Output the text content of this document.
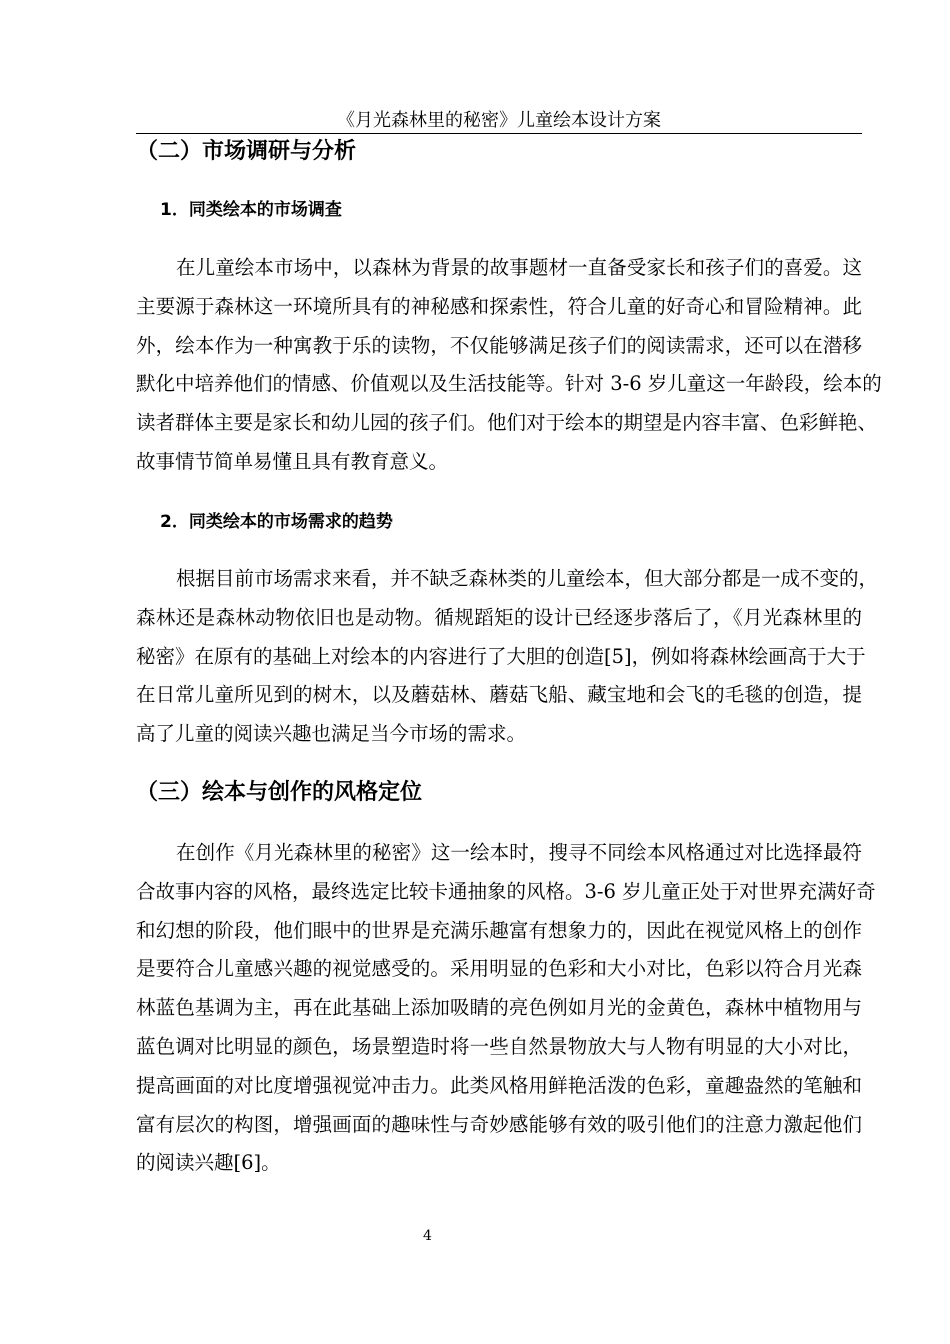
《月光森林里的秘密》儿童绘本设计方案
（二）市场调研与分析
1．同类绘本的市场调查
在儿童绘本市场中，以森林为背景的故事题材一直备受家长和孩子们的喜爱。这
主要源于森林这一环境所具有的神秘感和探索性，符合儿童的好奇心和冒险精神。此
外，绘本作为一种寓教于乐的读物，不仅能够满足孩子们的阅读需求，还可以在潜移
默化中培养他们的情感、价值观以及生活技能等。针对 3-6 岁儿童这一年龄段，绘本的
读者群体主要是家长和幼儿园的孩子们。他们对于绘本的期望是内容丰富、色彩鲜艳、
故事情节简单易懂且具有教育意义。
2．同类绘本的市场需求的趋势
根据目前市场需求来看，并不缺乏森林类的儿童绘本，但大部分都是一成不变的，
森林还是森林动物依旧也是动物。循规蹈矩的设计已经逐步落后了，《月光森林里的
秘密》在原有的基础上对绘本的内容进行了大胆的创造[5]，例如将森林绘画高于大于
在日常儿童所见到的树木，以及蘑菇林、蘑菇飞船、藏宝地和会飞的毛毯的创造，提
高了儿童的阅读兴趣也满足当今市场的需求。
（三）绘本与创作的风格定位
在创作《月光森林里的秘密》这一绘本时，搜寻不同绘本风格通过对比选择最符
合故事内容的风格，最终选定比较卡通抽象的风格。3-6 岁儿童正处于对世界充满好奇
和幻想的阶段，他们眼中的世界是充满乐趣富有想象力的，因此在视觉风格上的创作
是要符合儿童感兴趣的视觉感受的。采用明显的色彩和大小对比，色彩以符合月光森
林蓝色基调为主，再在此基础上添加吸睛的亮色例如月光的金黄色，森林中植物用与
蓝色调对比明显的颜色，场景塑造时将一些自然景物放大与人物有明显的大小对比，
提高画面的对比度增强视觉冲击力。此类风格用鲜艳活泼的色彩，童趣盎然的笔触和
富有层次的构图，增强画面的趣味性与奇妙感能够有效的吸引他们的注意力激起他们
的阅读兴趣[6]。
4
